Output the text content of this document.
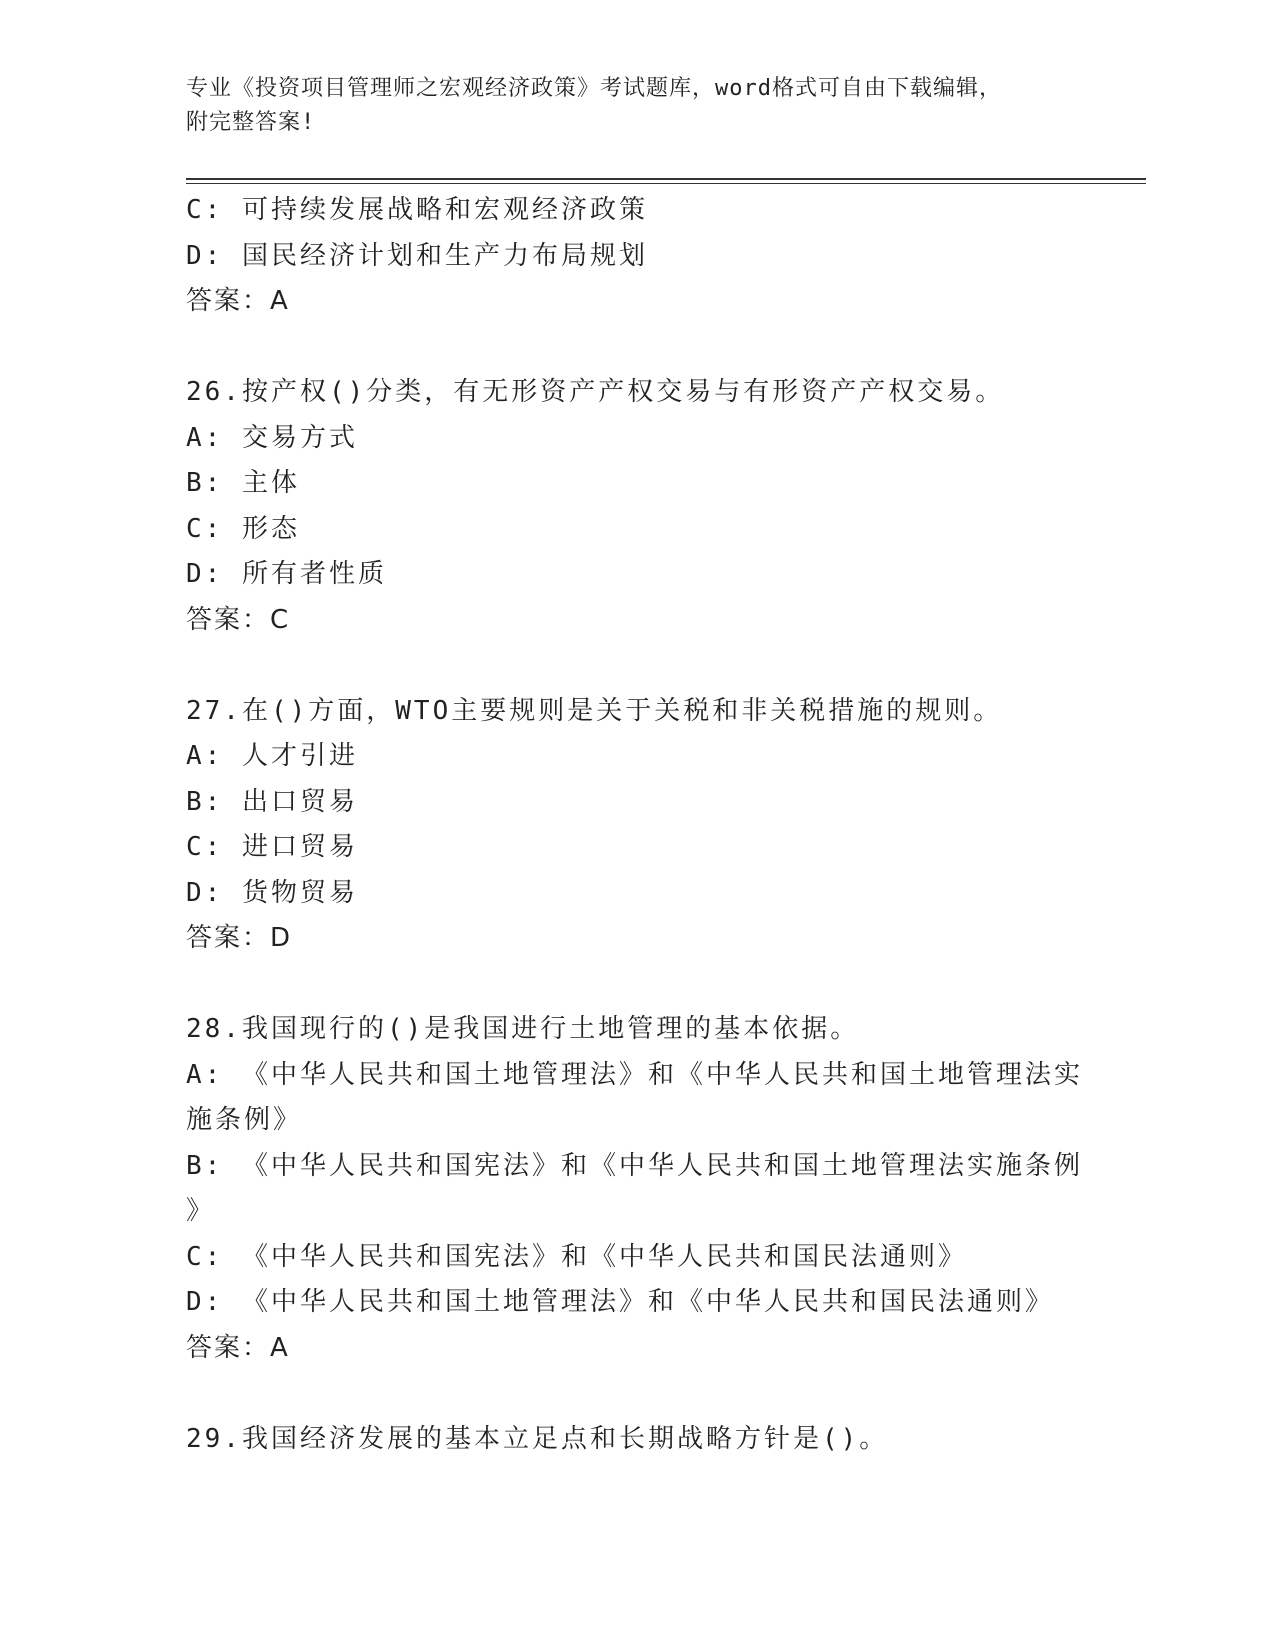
专业《投资项目管理师之宏观经济政策》考试题库，word格式可自由下载编辑，
附完整答案!
C: 可持续发展战略和宏观经济政策
D: 国民经济计划和生产力布局规划
答案：A
26.按产权()分类，有无形资产产权交易与有形资产产权交易。
A: 交易方式
B: 主体
C: 形态
D: 所有者性质
答案：C
27.在()方面，WTO主要规则是关于关税和非关税措施的规则。
A: 人才引进
B: 出口贸易
C: 进口贸易
D: 货物贸易
答案：D
28.我国现行的()是我国进行土地管理的基本依据。
A: 《中华人民共和国土地管理法》和《中华人民共和国土地管理法实
施条例》
B: 《中华人民共和国宪法》和《中华人民共和国土地管理法实施条例
》
C: 《中华人民共和国宪法》和《中华人民共和国民法通则》
D: 《中华人民共和国土地管理法》和《中华人民共和国民法通则》
答案：A
29.我国经济发展的基本立足点和长期战略方针是()。
